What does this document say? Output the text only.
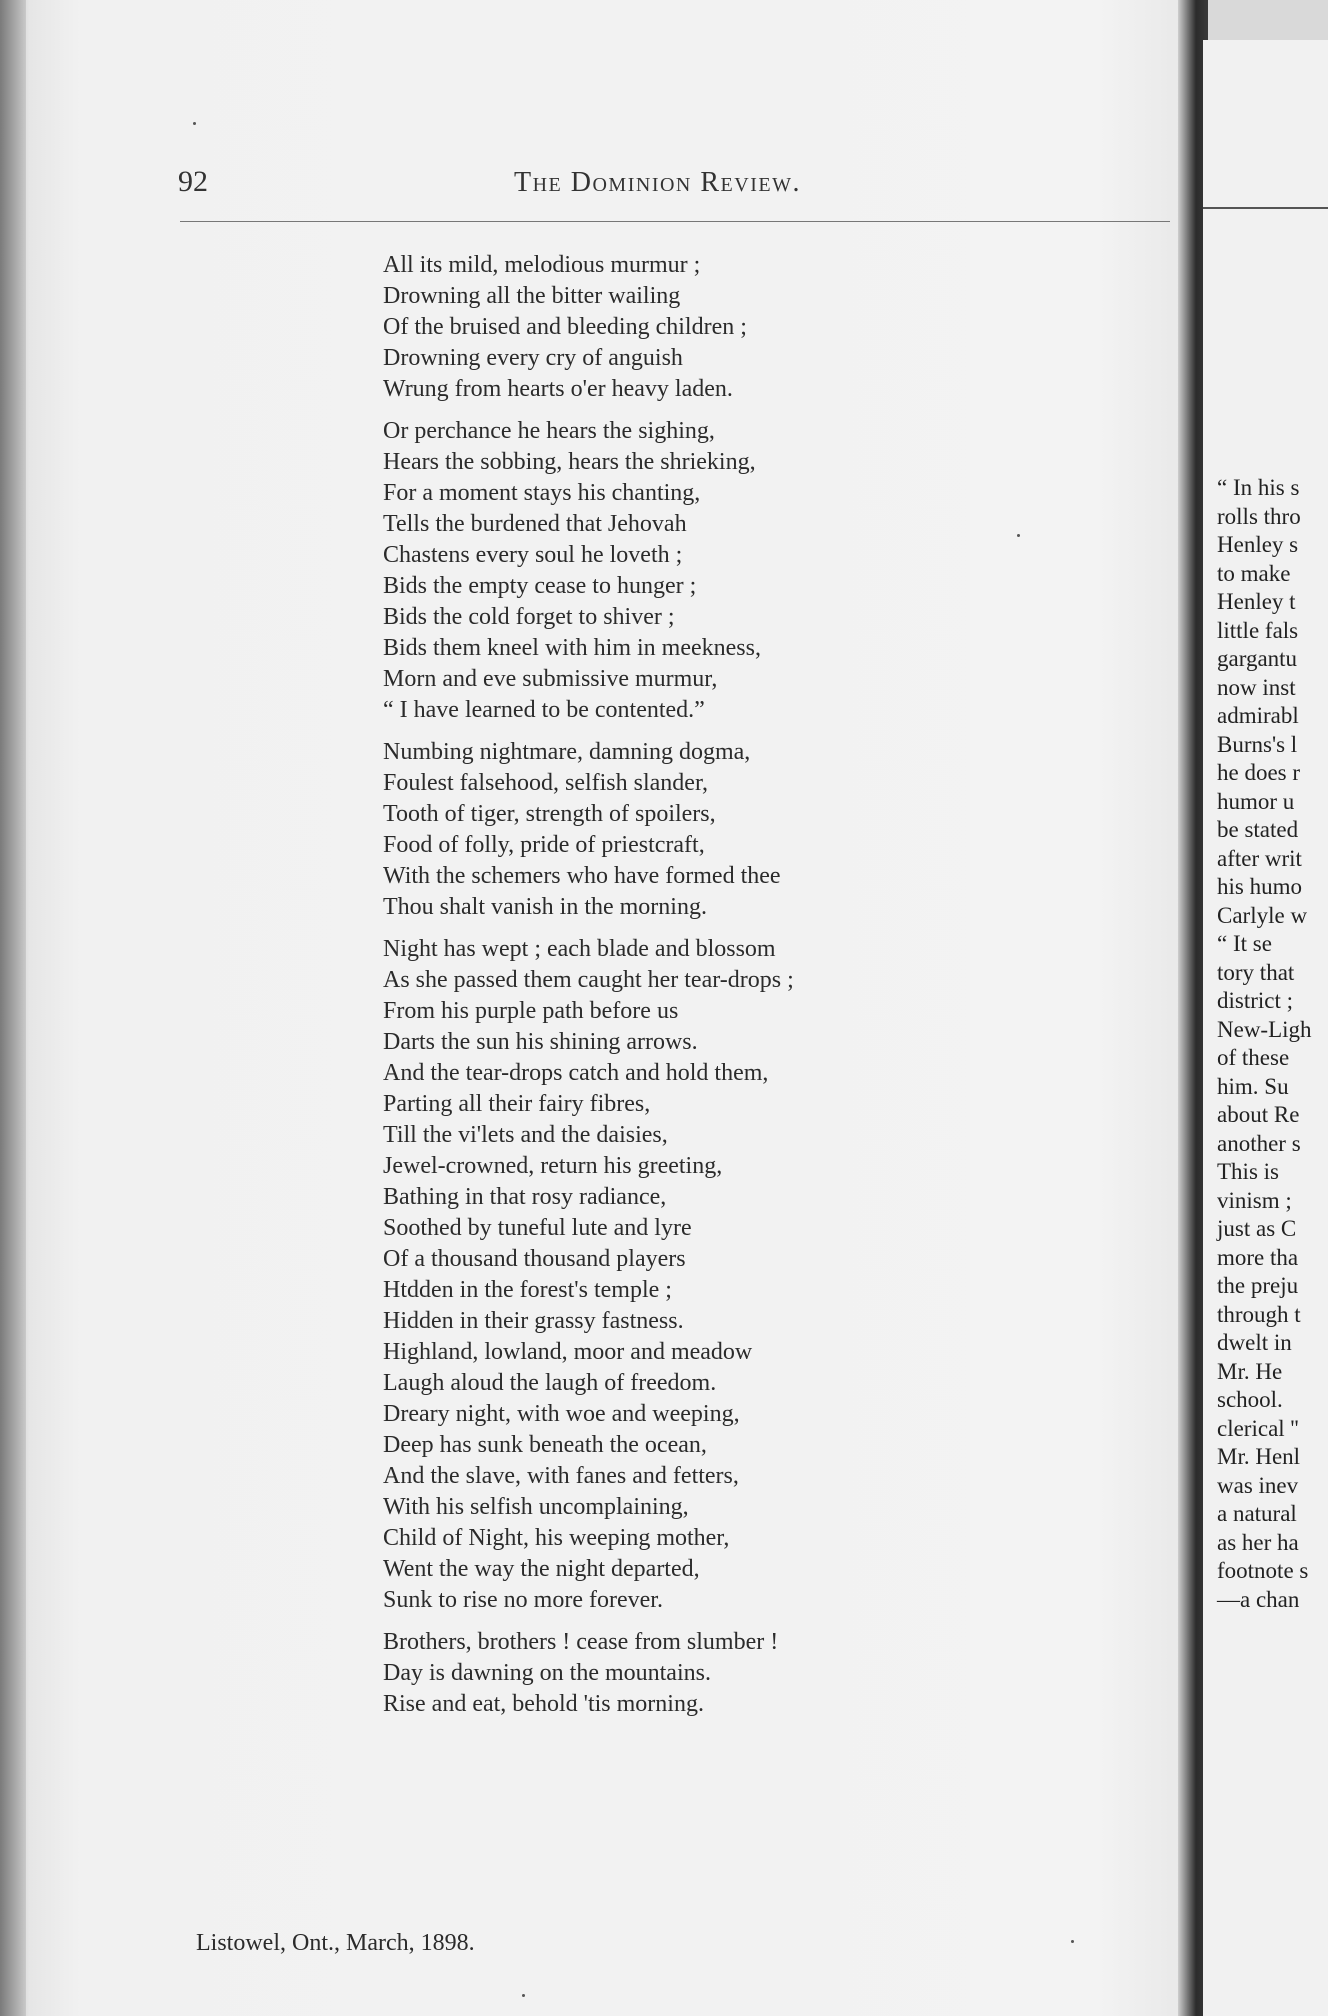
“ In his s
rolls thro
Henley s
to make
Henley t
little fals
gargantu
now inst
admirabl
Burns's l
he does r
humor u
be stated
after writ
his humo
Carlyle w
“ It se
tory that
district ;
New-Ligh
of these
him. Su
about Re
another s
This is
vinism ;
just as C
more tha
the preju
through t
dwelt in
Mr. He
school.
clerical ''
Mr. Henl
was inev
a natural
as her ha
footnote s
—a chan
92	The Dominion Review.
All its mild, melodious murmur ;
Drowning all the bitter wailing
Of the bruised and bleeding children ;
Drowning every cry of anguish
Wrung from hearts o'er heavy laden.
Or perchance he hears the sighing,
Hears the sobbing, hears the shrieking,
For a moment stays his chanting,
Tells the burdened that Jehovah
Chastens every soul he loveth ;
Bids the empty cease to hunger ;
Bids the cold forget to shiver ;
Bids them kneel with him in meekness,
Morn and eve submissive murmur,
“ I have learned to be contented.”
Numbing nightmare, damning dogma,
Foulest falsehood, selfish slander,
Tooth of tiger, strength of spoilers,
Food of folly, pride of priestcraft,
With the schemers who have formed thee
Thou shalt vanish in the morning.
Night has wept ; each blade and blossom
As she passed them caught her tear-drops ;
From his purple path before us
Darts the sun his shining arrows.
And the tear-drops catch and hold them,
Parting all their fairy fibres,
Till the vi'lets and the daisies,
Jewel-crowned, return his greeting,
Bathing in that rosy radiance,
Soothed by tuneful lute and lyre
Of a thousand thousand players
Htdden in the forest's temple ;
Hidden in their grassy fastness.
Highland, lowland, moor and meadow
Laugh aloud the laugh of freedom.
Dreary night, with woe and weeping,
Deep has sunk beneath the ocean,
And the slave, with fanes and fetters,
With his selfish uncomplaining,
Child of Night, his weeping mother,
Went the way the night departed,
Sunk to rise no more forever.
Brothers, brothers ! cease from slumber !
Day is dawning on the mountains.
Rise and eat, behold 'tis morning.
Listowel, Ont., March, 1898.
